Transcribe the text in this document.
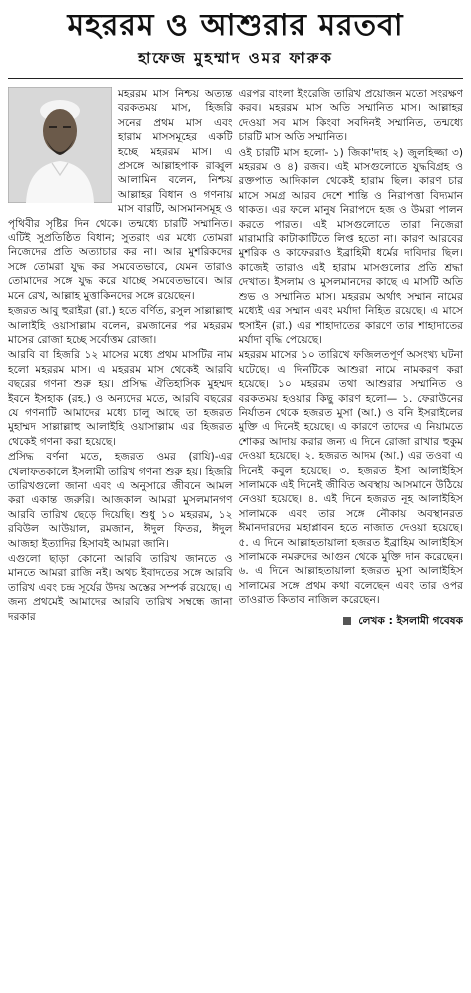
মহররম ও আশুরার মরতবা
হাফেজ মুহম্মাদ ওমর ফারুক

মহররম মাস নিশ্চয় অত্যন্ত বরকতময় মাস, হিজরি সনের প্রথম মাস এবং হারাম মাসসমূহের একটি হচ্ছে মহররম মাস। এ প্রসঙ্গে আল্লাহপাক রাব্বুল আলামিন বলেন, নিশ্চয় আল্লাহর বিধান ও গণনায় মাস বারটি, আসমানসমূহ ও পৃথিবীর সৃষ্টির দিন থেকে। তন্মধ্যে চারটি সম্মানিত। এটিই সুপ্রতিষ্ঠিত বিধান; সুতরাং এর মধ্যে তোমরা নিজেদের প্রতি অত্যাচার কর না। আর মুশরিকদের সঙ্গে তোমরা যুদ্ধ কর সমবেতভাবে, যেমন তারাও তোমাদের সঙ্গে যুদ্ধ করে যাচ্ছে সমবেতভাবে। আর মনে রেখ, আল্লাহ মুত্তাকিনদের সঙ্গে রয়েছেন।

হজরত আবু হুরাইরা (রা.) হতে বর্ণিত, রসুল সাল্লাল্লাহু আলাইহি ওয়াসাল্লাম বলেন, রমজানের পর মহররম মাসের রোজা হচ্ছে সর্বোত্তম রোজা।

আরবি বা হিজরি ১২ মাসের মধ্যে প্রথম মাসটির নাম হলো মহররম মাস। এ মহররম মাস থেকেই আরবি বছরের গণনা শুরু হয়। প্রসিদ্ধ ঐতিহাসিক মুহম্মদ ইবনে ইসহাক (রহ.) ও অন্যদের মতে, আরবি বছরের যে গণনাটি আমাদের মধ্যে চালু আছে তা হজরত মুহাম্মদ সাল্লাল্লাহু আলাইহি ওয়াসাল্লাম এর হিজরত থেকেই গণনা করা হয়েছে।

প্রসিদ্ধ বর্ণনা মতে, হজরত ওমর (রাযি)-এর খেলাফতকালে ইসলামী তারিখ গণনা শুরু হয়। হিজরি তারিখগুলো জানা এবং এ অনুসারে জীবনে আমল করা একান্ত জরুরি। আজকাল আমরা মুসলমানগণ আরবি তারিখ ছেড়ে দিয়েছি। শুধু ১০ মহররম, ১২ রবিউল আউয়াল, রমজান, ঈদুল ফিতর, ঈদুল আজহা ইত্যাদির হিসাবই আমরা জানি।

এগুলো ছাড়া কোনো আরবি তারিখ জানতে ও মানতে আমরা রাজি নই। অথচ ইবাদতের সঙ্গে আরবি তারিখ এবং চন্দ্র সূর্যের উদয় অস্তের সম্পর্ক রয়েছে। এ জন্য প্রথমেই আমাদের আরবি তারিখ সম্বন্ধে জানা দরকার

এরপর বাংলা ইংরেজি তারিখ প্রয়োজন মতো সংরক্ষণ করব। মহররম মাস অতি সম্মানিত মাস। আল্লাহর দেওয়া সব মাস কিংবা সবদিনই সম্মানিত, তন্মধ্যে চারটি মাস অতি সম্মানিত।

ওই চারটি মাস হলো- ১) জিকা'দাহ ২) জুলহিজ্জা ৩) মহররম ও ৪) রজব। এই মাসগুলোতে যুদ্ধবিগ্রহ ও রক্তপাত আদিকাল থেকেই হারাম ছিল। কারণ চার মাসে সমগ্র আরব দেশে শান্তি ও নিরাপত্তা বিদ্যমান থাকত। এর ফলে মানুষ নিরাপদে হজ ও উমরা পালন করতে পারত। এই মাসগুলোতে তারা নিজেরা মারামারি কাটাকাটিতে লিপ্ত হতো না। কারণ আরবের মুশরিক ও কাফেররাও ইব্রাহিমী ধর্মের দাবিদার ছিল। কাজেই তারাও এই হারাম মাসগুলোর প্রতি শ্রদ্ধা দেখাত। ইসলাম ও মুসলমানদের কাছে এ মাসটি অতি শুভ ও সম্মানিত মাস। মহররম অর্থাৎ সম্মান নামের মধ্যেই এর সম্মান এবং মর্যাদা নিহিত রয়েছে। এ মাসে হুসাইন (রা.) এর শাহাদাতের কারণে তার শাহাদাতের মর্যাদা বৃদ্ধি পেয়েছে।

মহররম মাসের ১০ তারিখে ফজিলতপূর্ণ অসংখ্য ঘটনা ঘটেছে। এ দিনটিকে আশুরা নামে নামকরণ করা হয়েছে। ১০ মহররম তথা আশুরার সম্মানিত ও বরকতময় হওয়ার কিছু কারণ হলো— ১. ফেরাউনের নির্যাতন থেকে হজরত মুসা (আ.) ও বনি ইসরাইলের মুক্তি এ দিনেই হয়েছে। এ কারণে তাদের এ নিয়ামতে শোকর আদায় করার জন্য এ দিনে রোজা রাখার হুকুম দেওয়া হয়েছে। ২. হজরত আদম (আ.) এর তওবা এ দিনেই কবুল হয়েছে। ৩. হজরত ইসা আলাইহিস সালামকে এই দিনেই জীবিত অবস্থায় আসমানে উঠিয়ে নেওয়া হয়েছে। ৪. এই দিনে হজরত নূহ আলাইহিস সালামকে এবং তার সঙ্গে নৌকায় অবস্থানরত ঈমানদারদের মহাপ্লাবন হতে নাজাত দেওয়া হয়েছে। ৫. এ দিনে আল্লাহতায়ালা হজরত ইব্রাহিম আলাইহিস সালামকে নমরুদের আগুন থেকে মুক্তি দান করেছেন। ৬. এ দিনে আল্লাহতায়ালা হজরত মুসা আলাইহিস সালামের সঙ্গে প্রথম কথা বলেছেন এবং তার ওপর তাওরাত কিতাব নাজিল করেছেন।

লেখক : ইসলামী গবেষক
